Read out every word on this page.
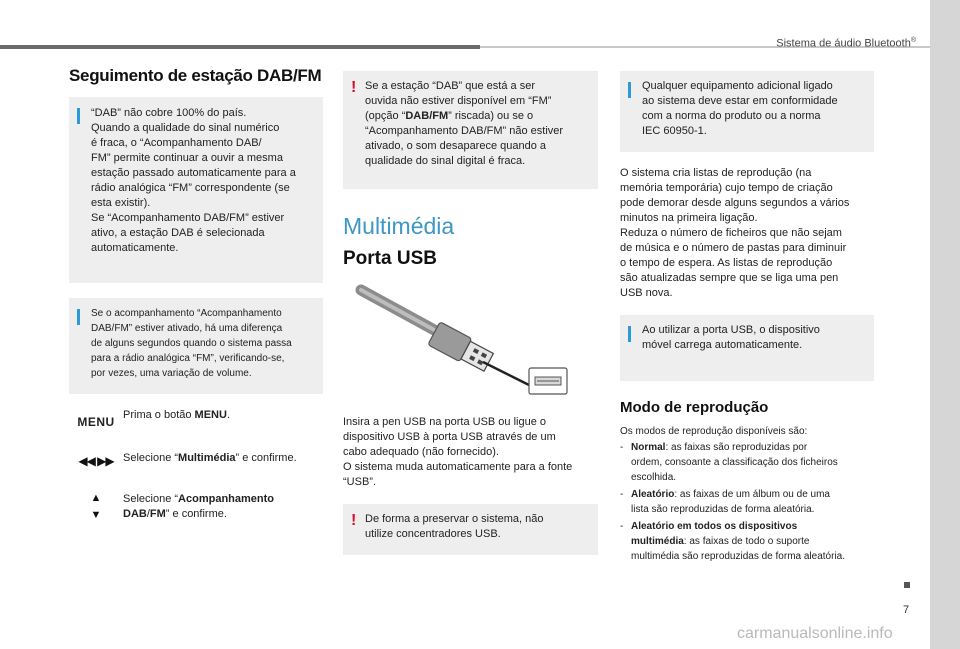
Sistema de áudio Bluetooth®
7
carmanualsonline.info
Seguimento de estação DAB/FM

“DAB” não cobre 100% do país.
Quando a qualidade do sinal numérico
é fraca, o “Acompanhamento DAB/
FM” permite continuar a ouvir a mesma
estação passado automaticamente para a
rádio analógica “FM” correspondente (se
esta existir).
Se “Acompanhamento DAB/FM” estiver
ativo, a estação DAB é selecionada
automaticamente.

Se o acompanhamento “Acompanhamento
DAB/FM” estiver ativado, há uma diferença
de alguns segundos quando o sistema passa
para a rádio analógica “FM”, verificando-se,
por vezes, uma variação de volume.

MENU Prima o botão MENU.
◀◀ ▶▶ Selecione “Multimédia” e confirme.
▲
▼
Selecione “Acompanhamento
DAB/FM” e confirme.
! Se a estação “DAB” que está a ser
ouvida não estiver disponível em “FM”
(opção “DAB/FM” riscada) ou se o
“Acompanhamento DAB/FM” não estiver
ativado, o som desaparece quando a
qualidade do sinal digital é fraca.

Multimédia
Porta USB

Insira a pen USB na porta USB ou ligue o
dispositivo USB à porta USB através de um
cabo adequado (não fornecido).
O sistema muda automaticamente para a fonte
“USB”.

! De forma a preservar o sistema, não
utilize concentradores USB.

Qualquer equipamento adicional ligado
ao sistema deve estar em conformidade
com a norma do produto ou a norma
IEC 60950-1.

O sistema cria listas de reprodução (na
memória temporária) cujo tempo de criação
pode demorar desde alguns segundos a vários
minutos na primeira ligação.
Reduza o número de ficheiros que não sejam
de música e o número de pastas para diminuir
o tempo de espera. As listas de reprodução
são atualizadas sempre que se liga uma pen
USB nova.

Ao utilizar a porta USB, o dispositivo
móvel carrega automaticamente.

Modo de reprodução
Os modos de reprodução disponíveis são:
- Normal: as faixas são reproduzidas por
ordem, consoante a classificação dos ficheiros
escolhida.
- Aleatório: as faixas de um álbum ou de uma
lista são reproduzidas de forma aleatória.
- Aleatório em todos os dispositivos
multimédia: as faixas de todo o suporte
multimédia são reproduzidas de forma aleatória.
